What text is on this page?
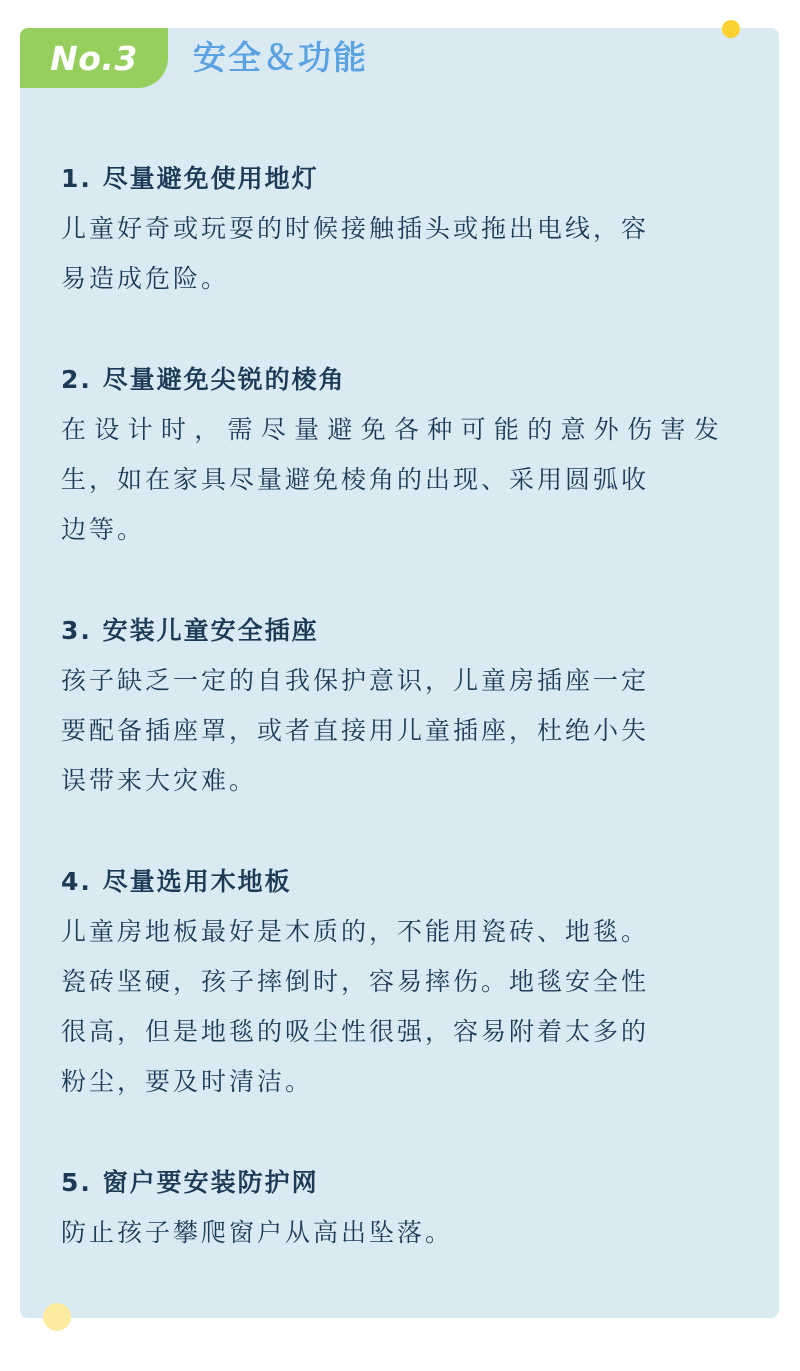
No.3 安全＆功能
1. 尽量避免使用地灯
儿童好奇或玩耍的时候接触插头或拖出电线，容
易造成危险。
2. 尽量避免尖锐的棱角
在设计时，需尽量避免各种可能的意外伤害发
生，如在家具尽量避免棱角的出现、采用圆弧收
边等。
3. 安装儿童安全插座
孩子缺乏一定的自我保护意识，儿童房插座一定
要配备插座罩，或者直接用儿童插座，杜绝小失
误带来大灾难。
4. 尽量选用木地板
儿童房地板最好是木质的，不能用瓷砖、地毯。
瓷砖坚硬，孩子摔倒时，容易摔伤。地毯安全性
很高，但是地毯的吸尘性很强，容易附着太多的
粉尘，要及时清洁。
5. 窗户要安装防护网
防止孩子攀爬窗户从高出坠落。
